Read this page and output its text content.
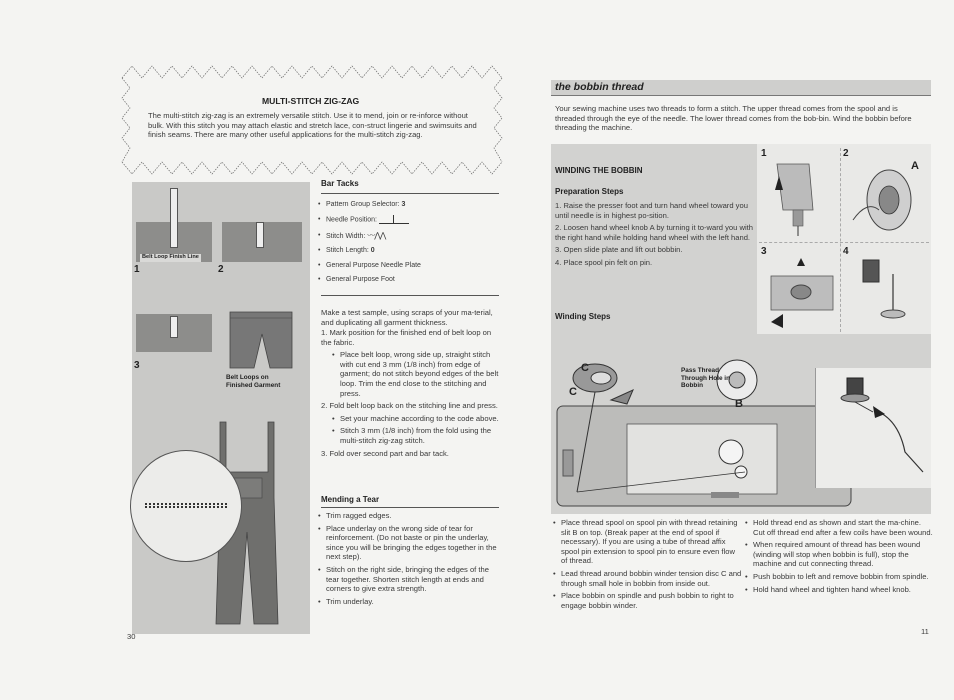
MULTI-STITCH ZIG-ZAG
The multi-stitch zig-zag is an extremely versatile stitch. Use it to mend, join or re-inforce without bulk. With this stitch you may attach elastic and stretch lace, con-struct lingerie and swimsuits and finish seams. There are many other useful applications for the multi-stitch zig-zag.
Belt Loop Finish Line
Belt Loops on Finished Garment
1	2
3
Bar Tacks
• Pattern Group Selector: 3
• Needle Position:
• Stitch Width: 〰⋀⋀
• Stitch Length: 0
• General Purpose Needle Plate
• General Purpose Foot
Make a test sample, using scraps of your ma-terial, and duplicating all garment thickness.
1. Mark position for the finished end of belt loop on the fabric.
• Place belt loop, wrong side up, straight stitch with cut end 3 mm (1/8 inch) from edge of garment; do not stitch beyond edges of the belt loop. Trim the end close to the stitching and press.
2. Fold belt loop back on the stitching line and press.
• Set your machine according to the code above.
• Stitch 3 mm (1/8 inch) from the fold using the multi-stitch zig-zag stitch.
3. Fold over second part and bar tack.
Mending a Tear
• Trim ragged edges.
• Place underlay on the wrong side of tear for reinforcement. (Do not baste or pin the underlay, since you will be bringing the edges together in the next step).
• Stitch on the right side, bringing the edges of the tear together. Shorten stitch length at ends and corners to give extra strength.
• Trim underlay.
30
the bobbin thread
Your sewing machine uses two threads to form a stitch. The upper thread comes from the spool and is threaded through the eye of the needle. The lower thread comes from the bob-bin. Wind the bobbin before threading the machine.
1	2
3	4
A
WINDING THE BOBBIN
Preparation Steps
1. Raise the presser foot and turn hand wheel toward you until needle is in highest po-sition.
2. Loosen hand wheel knob A by turning it to-ward you with the right hand while holding hand wheel with the left hand.
3. Open slide plate and lift out bobbin.
4. Place spool pin felt on pin.
Winding Steps
C
C
B
Pass Thread Through Hole in Bobbin
• Place thread spool on spool pin with thread retaining slit B on top. (Break paper at the end of spool if necessary). If you are using a tube of thread affix spool pin extension to spool pin to ensure even flow of thread.
• Lead thread around bobbin winder tension disc C and through small hole in bobbin from inside out.
• Place bobbin on spindle and push bobbin to right to engage bobbin winder.
• Hold thread end as shown and start the ma-chine. Cut off thread end after a few coils have been wound.
• When required amount of thread has been wound (winding will stop when bobbin is full), stop the machine and cut connecting thread.
• Push bobbin to left and remove bobbin from spindle.
• Hold hand wheel and tighten hand wheel knob.
11
